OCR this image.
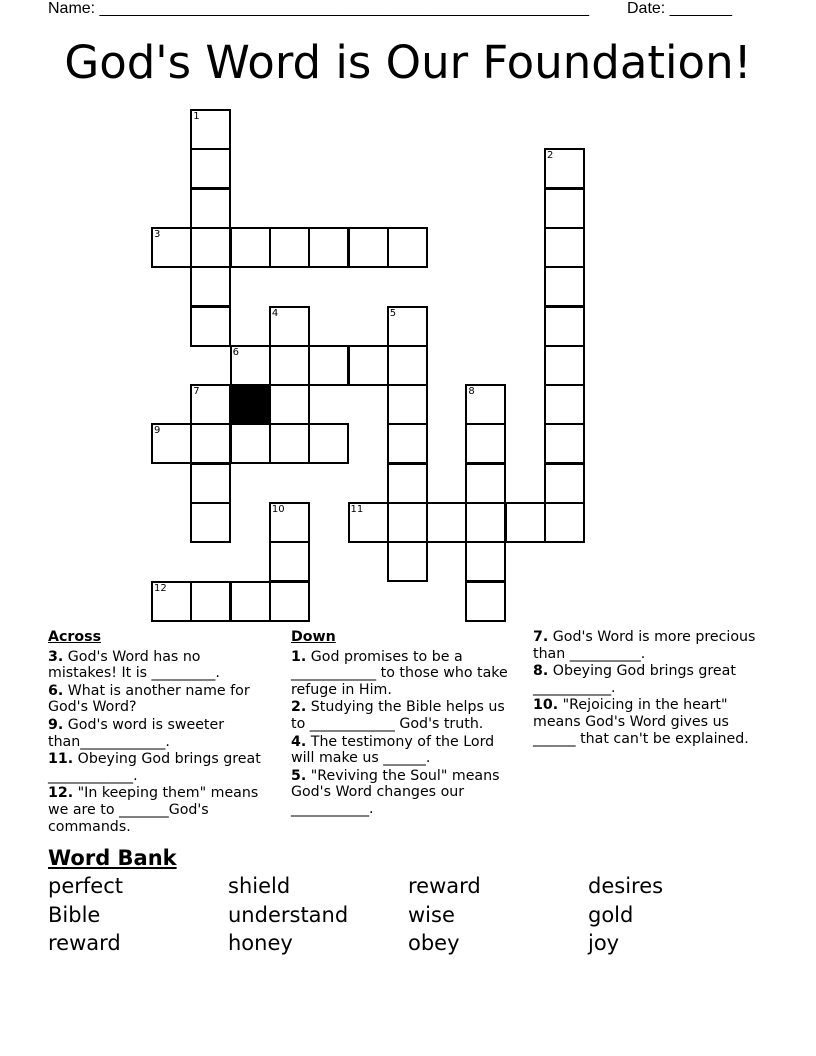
Name: _______________________________________________________ Date: _______
God's Word is Our Foundation!
1
2
3
4	5
6
7	8
9
10	11
12
Across
3. God's Word has no mistakes! It is _________.
6. What is another name for God's Word?
9. God's word is sweeter than____________.
11. Obeying God brings great ____________.
12. "In keeping them" means we are to _______God's commands.
Down
1. God promises to be a ____________ to those who take refuge in Him.
2. Studying the Bible helps us to ____________ God's truth.
4. The testimony of the Lord will make us ______.
5. "Reviving the Soul" means God's Word changes our ___________.
7. God's Word is more precious than __________.
8. Obeying God brings great ___________.
10. "Rejoicing in the heart" means God's Word gives us ______ that can't be explained.
Word Bank
perfect	shield	reward	desires
Bible	understand	wise	gold
reward	honey	obey	joy
